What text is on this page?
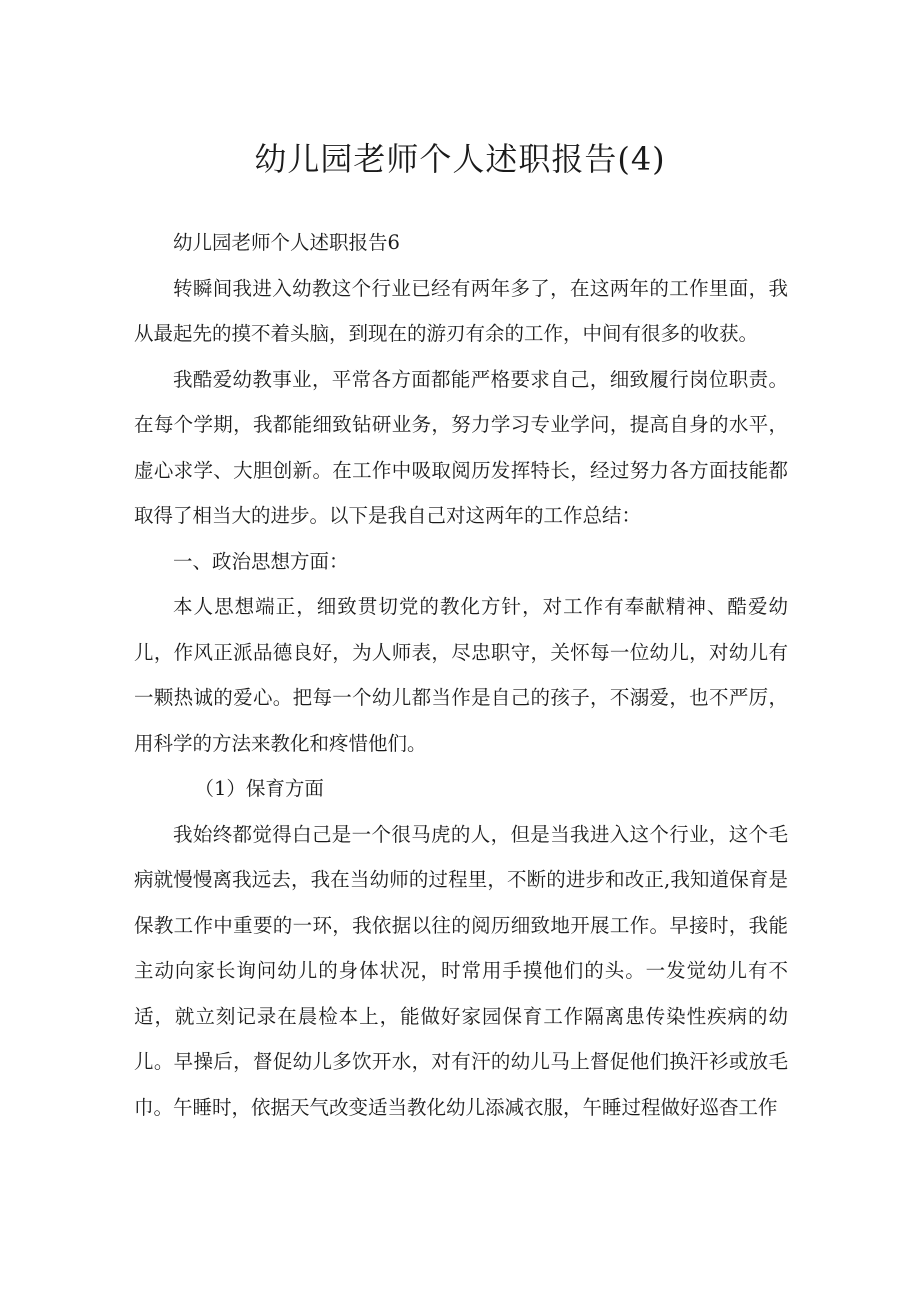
幼儿园老师个人述职报告(4)

幼儿园老师个人述职报告6

转瞬间我进入幼教这个行业已经有两年多了，在这两年的工作里面，我从最起先的摸不着头脑，到现在的游刃有余的工作，中间有很多的收获。

我酷爱幼教事业，平常各方面都能严格要求自己，细致履行岗位职责。在每个学期，我都能细致钻研业务，努力学习专业学问，提高自身的水平，虚心求学、大胆创新。在工作中吸取阅历发挥特长，经过努力各方面技能都取得了相当大的进步。以下是我自己对这两年的工作总结：

一、政治思想方面：

本人思想端正，细致贯切党的教化方针，对工作有奉献精神、酷爱幼儿，作风正派品德良好，为人师表，尽忠职守，关怀每一位幼儿，对幼儿有一颗热诚的爱心。把每一个幼儿都当作是自己的孩子，不溺爱，也不严厉，用科学的方法来教化和疼惜他们。

（1）保育方面

我始终都觉得白己是一个很马虎的人，但是当我进入这个行业，这个毛病就慢慢离我远去，我在当幼师的过程里，不断的进步和改正,我知道保育是保教工作中重要的一环，我依据以往的阅历细致地开展工作。早接时，我能主动向家长询问幼儿的身体状况，时常用手摸他们的头。一发觉幼儿有不适，就立刻记录在晨检本上，能做好家园保育工作隔离患传染性疾病的幼儿。早操后，督促幼儿多饮开水，对有汗的幼儿马上督促他们换汗衫或放毛巾。午睡时，依据天气改变适当教化幼儿添减衣服，午睡过程做好巡杳工作
